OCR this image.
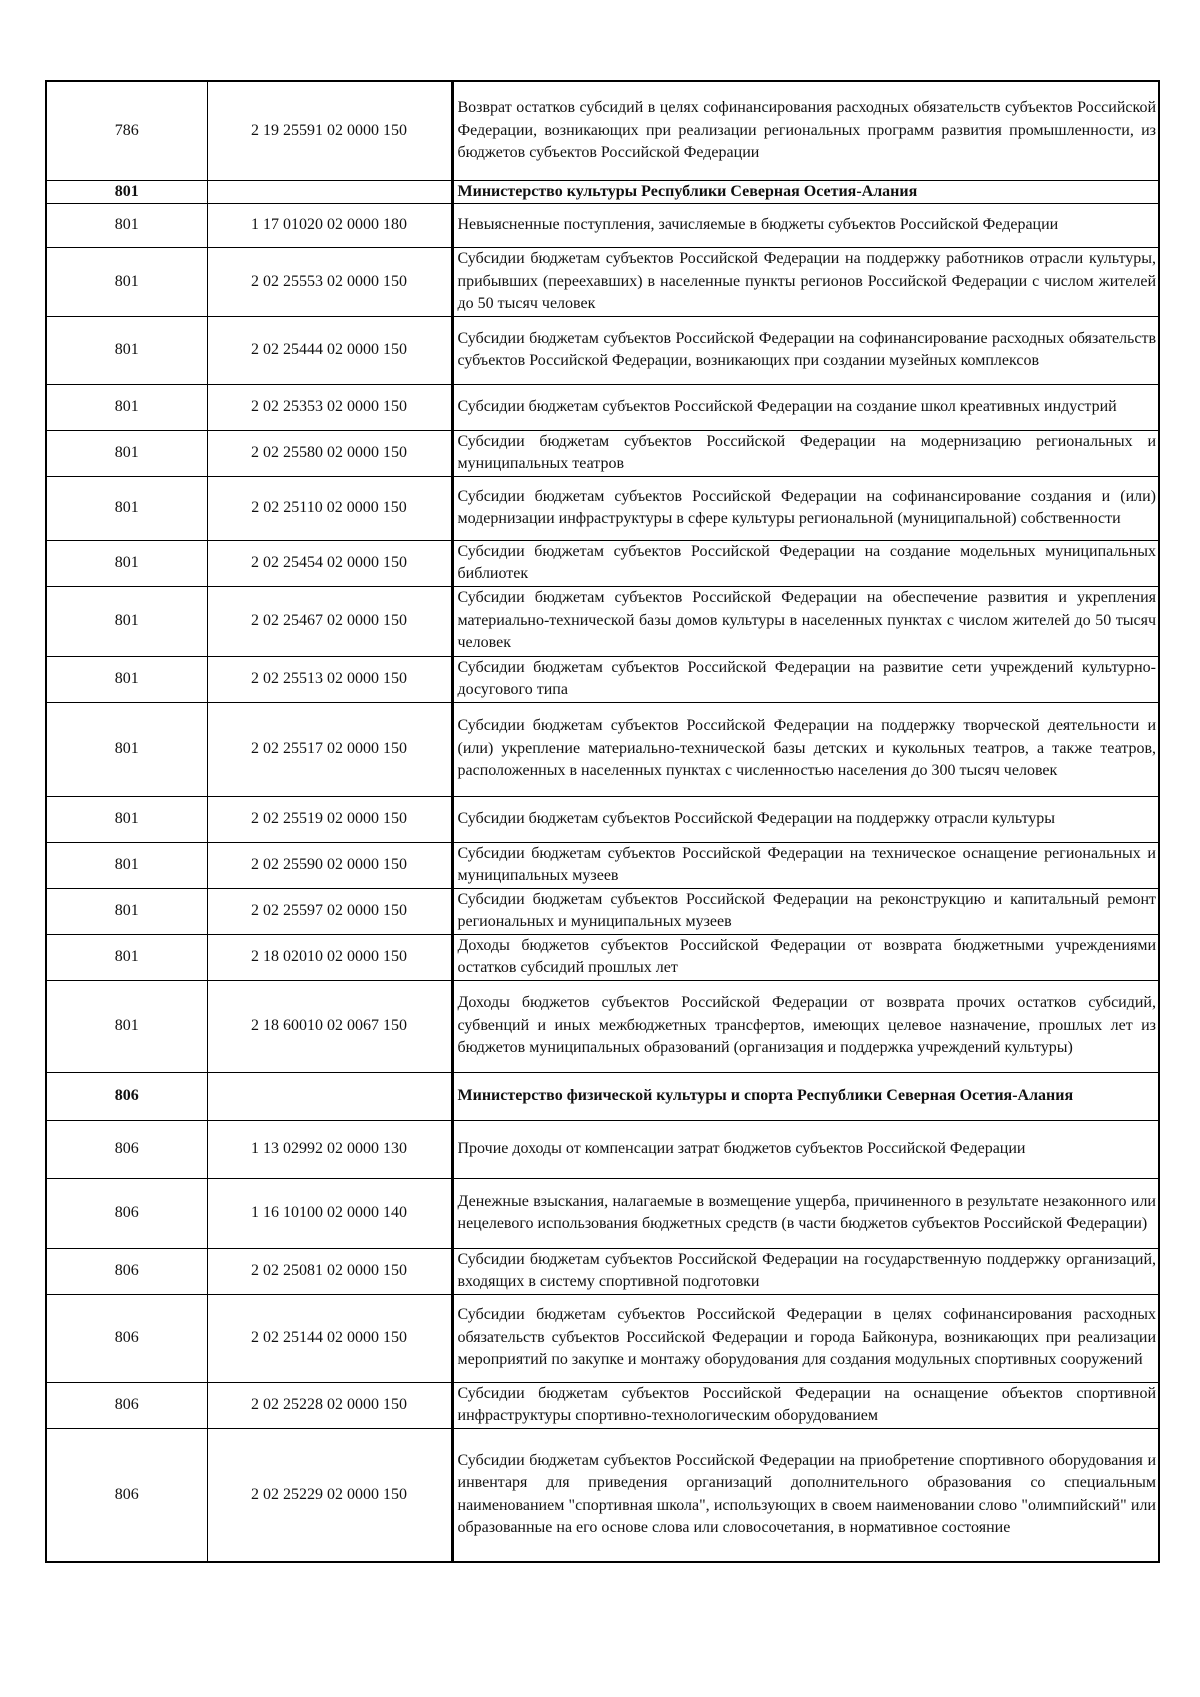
786	2 19 25591 02 0000 150	Возврат остатков субсидий в целях софинансирования расходных обязательств субъектов Российской Федерации, возникающих при реализации региональных программ развития промышленности, из бюджетов субъектов Российской Федерации
801		Министерство культуры Республики Северная Осетия-Алания
801	1 17 01020 02 0000 180	Невыясненные поступления, зачисляемые в бюджеты субъектов Российской Федерации
801	2 02 25553 02 0000 150	Субсидии бюджетам субъектов Российской Федерации на поддержку работников отрасли культуры, прибывших (переехавших) в населенные пункты регионов Российской Федерации с числом жителей до 50 тысяч человек
801	2 02 25444 02 0000 150	Субсидии бюджетам субъектов Российской Федерации на софинансирование расходных обязательств субъектов Российской Федерации, возникающих при создании музейных комплексов
801	2 02 25353 02 0000 150	Субсидии бюджетам субъектов Российской Федерации на создание школ креативных индустрий
801	2 02 25580 02 0000 150	Субсидии бюджетам субъектов Российской Федерации на модернизацию региональных и муниципальных театров
801	2 02 25110 02 0000 150	Субсидии бюджетам субъектов Российской Федерации на софинансирование создания и (или) модернизации инфраструктуры в сфере культуры региональной (муниципальной) собственности
801	2 02 25454 02 0000 150	Субсидии бюджетам субъектов Российской Федерации на создание модельных муниципальных библиотек
801	2 02 25467 02 0000 150	Субсидии бюджетам субъектов Российской Федерации на обеспечение развития и укрепления материально-технической базы домов культуры в населенных пунктах с числом жителей до 50 тысяч человек
801	2 02 25513 02 0000 150	Субсидии бюджетам субъектов Российской Федерации на развитие сети учреждений культурно-досугового типа
801	2 02 25517 02 0000 150	Субсидии бюджетам субъектов Российской Федерации на поддержку творческой деятельности и (или) укрепление материально-технической базы детских и кукольных театров, а также театров, расположенных в населенных пунктах с численностью населения до 300 тысяч человек
801	2 02 25519 02 0000 150	Субсидии бюджетам субъектов Российской Федерации на поддержку отрасли культуры
801	2 02 25590 02 0000 150	Субсидии бюджетам субъектов Российской Федерации на техническое оснащение региональных и муниципальных музеев
801	2 02 25597 02 0000 150	Субсидии бюджетам субъектов Российской Федерации на реконструкцию и капитальный ремонт региональных и муниципальных музеев
801	2 18 02010 02 0000 150	Доходы бюджетов субъектов Российской Федерации от возврата бюджетными учреждениями остатков субсидий прошлых лет
801	2 18 60010 02 0067 150	Доходы бюджетов субъектов Российской Федерации от возврата прочих остатков субсидий, субвенций и иных межбюджетных трансфертов, имеющих целевое назначение, прошлых лет из бюджетов муниципальных образований (организация и поддержка учреждений культуры)
806		Министерство физической культуры и спорта Республики Северная Осетия-Алания
806	1 13 02992 02 0000 130	Прочие доходы от компенсации затрат бюджетов субъектов Российской Федерации
806	1 16 10100 02 0000 140	Денежные взыскания, налагаемые в возмещение ущерба, причиненного в результате незаконного или нецелевого использования бюджетных средств (в части бюджетов субъектов Российской Федерации)
806	2 02 25081 02 0000 150	Субсидии бюджетам субъектов Российской Федерации на государственную поддержку организаций, входящих в систему спортивной подготовки
806	2 02 25144 02 0000 150	Субсидии бюджетам субъектов Российской Федерации в целях софинансирования расходных обязательств субъектов Российской Федерации и города Байконура, возникающих при реализации мероприятий по закупке и монтажу оборудования для создания модульных спортивных сооружений
806	2 02 25228 02 0000 150	Субсидии бюджетам субъектов Российской Федерации на оснащение объектов спортивной инфраструктуры спортивно-технологическим оборудованием
806	2 02 25229 02 0000 150	Субсидии бюджетам субъектов Российской Федерации на приобретение спортивного оборудования и инвентаря для приведения организаций дополнительного образования со специальным наименованием "спортивная школа", использующих в своем наименовании слово "олимпийский" или образованные на его основе слова или словосочетания, в нормативное состояние
